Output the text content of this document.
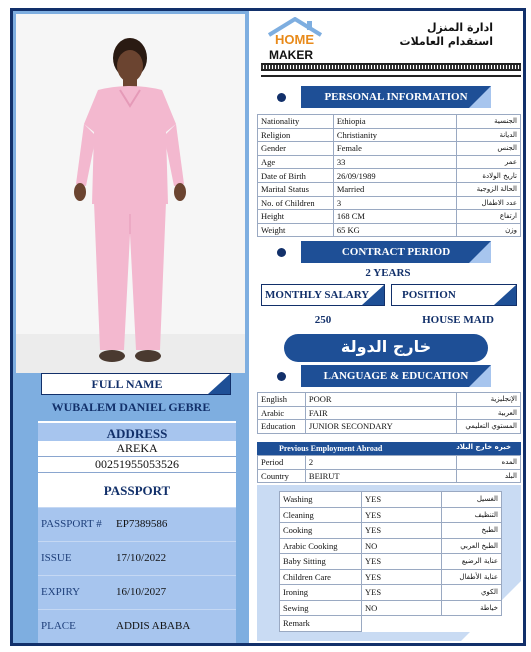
FULL NAME
WUBALEM DANIEL GEBRE
ADDRESS
AREKA
00251955053526
PASSPORT
PASSPORT # EP7389586
ISSUE	17/10/2022
EXPIRY	16/10/2027
PLACE	ADDIS ABABA
HOME
MAKER
ادارة المنزل
استقدام العاملات
PERSONAL INFORMATION
Nationality	Ethiopia	الجنسية
Religion	Christianity	الديانة
Gender	Female	الجنس
Age	33	عمر
Date of Birth	26/09/1989	تاريخ الولادة
Marital Status	Married	الحالة الزوجية
No. of Children	3	عدد الاطفال
Height	168 CM	ارتفاع
Weight	65 KG	وزن
CONTRACT PERIOD
2 YEARS
MONTHLY SALARY	POSITION
250	HOUSE MAID
خارج الدولة
LANGUAGE & EDUCATION
English	POOR	الإنجليزية
Arabic	FAIR	العربية
Education	JUNIOR SECONDARY	المستوي التعليمي
Previous Employment Abroad	خبره خارج البلاد
Period	2	المده
Country	BEIRUT	البلد
Washing	YES	الغسيل
Cleaning	YES	التنظيف
Cooking	YES	الطبخ
Arabic Cooking	NO	الطبخ العربي
Baby Sitting	YES	عناية الرضيع
Children Care	YES	عناية الأطفال
Ironing	YES	الكوي
Sewing	NO	خياطة
Remark		
